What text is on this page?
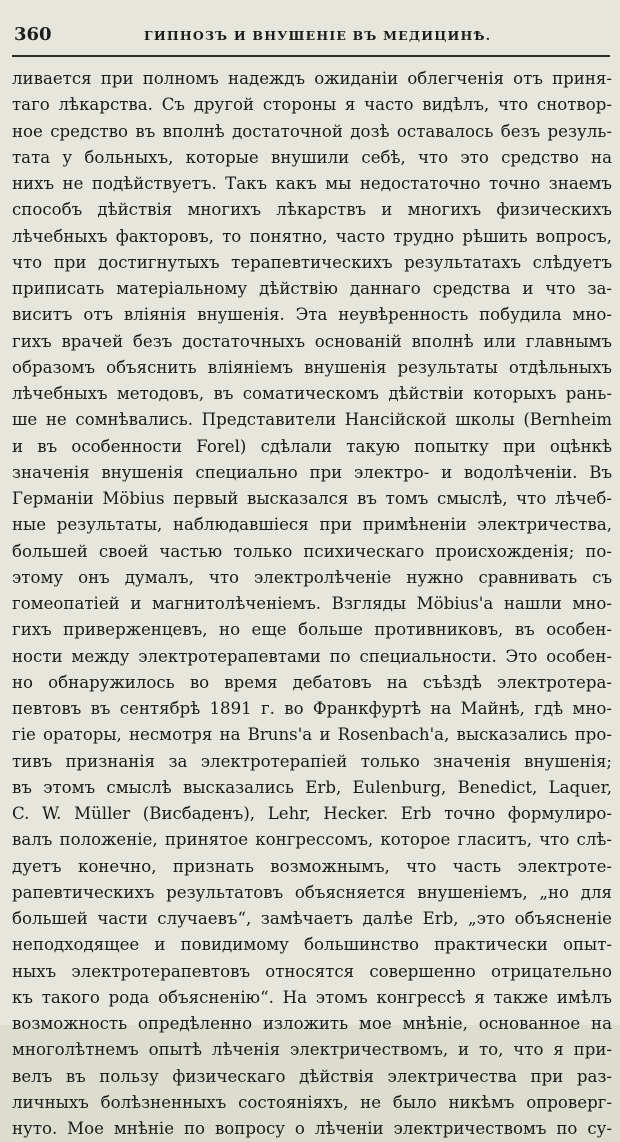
360	ГИПНОЗЪ И ВНУШЕНІЕ ВЪ МЕДИЦИНѢ.
ливается при полномъ надеждъ ожиданіи облегченія отъ приня-
таго лѣкарства. Съ другой стороны я часто видѣлъ, что снотвор-
ное средство въ вполнѣ достаточной дозѣ оставалось безъ резуль-
тата у больныхъ, которые внушили себѣ, что это средство на
нихъ не подѣйствуетъ. Такъ какъ мы недостаточно точно знаемъ
способъ дѣйствія многихъ лѣкарствъ и многихъ физическихъ
лѣчебныхъ факторовъ, то понятно, часто трудно рѣшить вопросъ,
что при достигнутыхъ терапевтическихъ результатахъ слѣдуетъ
приписать матеріальному дѣйствію даннаго средства и что за-
виситъ отъ вліянія внушенія. Эта неувѣренность побудила мно-
гихъ врачей безъ достаточныхъ основаній вполнѣ или главнымъ
образомъ объяснить вліяніемъ внушенія результаты отдѣльныхъ
лѣчебныхъ методовъ, въ соматическомъ дѣйствіи которыхъ рань-
ше не сомнѣвались. Представители Нансійской школы (Bernheim
и въ особенности Forel) сдѣлали такую попытку при оцѣнкѣ
значенія внушенія специально при электро- и водолѣченіи. Въ
Германіи Möbius первый высказался въ томъ смыслѣ, что лѣчеб-
ные результаты, наблюдавшіеся при примѣненіи электричества,
большей своей частью только психическаго происхожденія; по-
этому онъ думалъ, что электролѣченіе нужно сравнивать съ
гомеопатіей и магнитолѣченіемъ. Взгляды Möbius'а нашли мно-
гихъ приверженцевъ, но еще больше противниковъ, въ особен-
ности между электротерапевтами по специальности. Это особен-
но обнаружилось во время дебатовъ на съѣздѣ электротера-
певтовъ въ сентябрѣ 1891 г. во Франкфуртѣ на Майнѣ, гдѣ мно-
гіе ораторы, несмотря на Bruns'а и Rosenbach'а, высказались про-
тивъ признанія за электротерапіей только значенія внушенія;
въ этомъ смыслѣ высказались Erb, Eulenburg, Benedict, Laquer,
C. W. Müller (Висбаденъ), Lehr, Hecker. Erb точно формулиро-
валъ положеніе, принятое конгрессомъ, которое гласитъ, что слѣ-
дуетъ конечно, признать возможнымъ, что часть электроте-
рапевтическихъ результатовъ объясняется внушеніемъ, „но для
большей части случаевъ“, замѣчаетъ далѣе Erb, „это объясненіе
неподходящее и повидимому большинство практически опыт-
ныхъ электротерапевтовъ относятся совершенно отрицательно
къ такого рода объясненію“. На этомъ конгрессѣ я также имѣлъ
возможность опредѣленно изложить мое мнѣніе, основанное на
многолѣтнемъ опытѣ лѣченія электричествомъ, и то, что я при-
велъ въ пользу физическаго дѣйствія электричества при раз-
личныхъ болѣзненныхъ состояніяхъ, не было никѣмъ опроверг-
нуто. Мое мнѣніе по вопросу о лѣченіи электричествомъ по су-
